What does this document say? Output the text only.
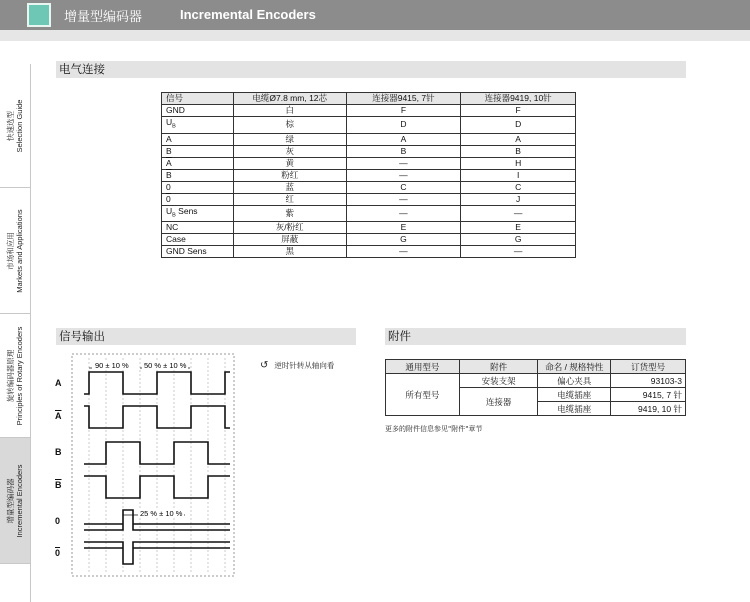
增量型编码器	Incremental Encoders
快速选型 Selection Guide
市场和应用 Markets and Applications
旋转编码器原理 Principles of Rotary Encoders
增量型编码器 Incremental Encoders
电气连接
信号	电缆Ø7.8 mm, 12芯	连接器9415, 7针	连接器9419, 10针
GND	白	F	F
$U_B$	棕	D	D
A	绿	A	A
B	灰	B	B
$\overline{A}$	黄	—	H
$\overline{B}$	粉红	—	I
0	蓝	C	C
0	红	—	J
$U_B$ Sens	紫	—	—
NC	灰/粉红	E	E
Case	屏蔽	G	G
GND Sens	黑	—	—
信号输出
↺ 逆时针转从轴向看
A
$\overline{A}$
B
$\overline{B}$
0
0
90 ± 10 % 50 % ± 10 %
25 % ± 10 %
附件
通用型号	附件	命名 / 规格特性	订货型号
所有型号	安装支架	偏心夹具	93103-3
	连接器	电缆插座	9415, 7 针
		电缆插座	9419, 10 针
更多的附件信息参见"附件"章节
